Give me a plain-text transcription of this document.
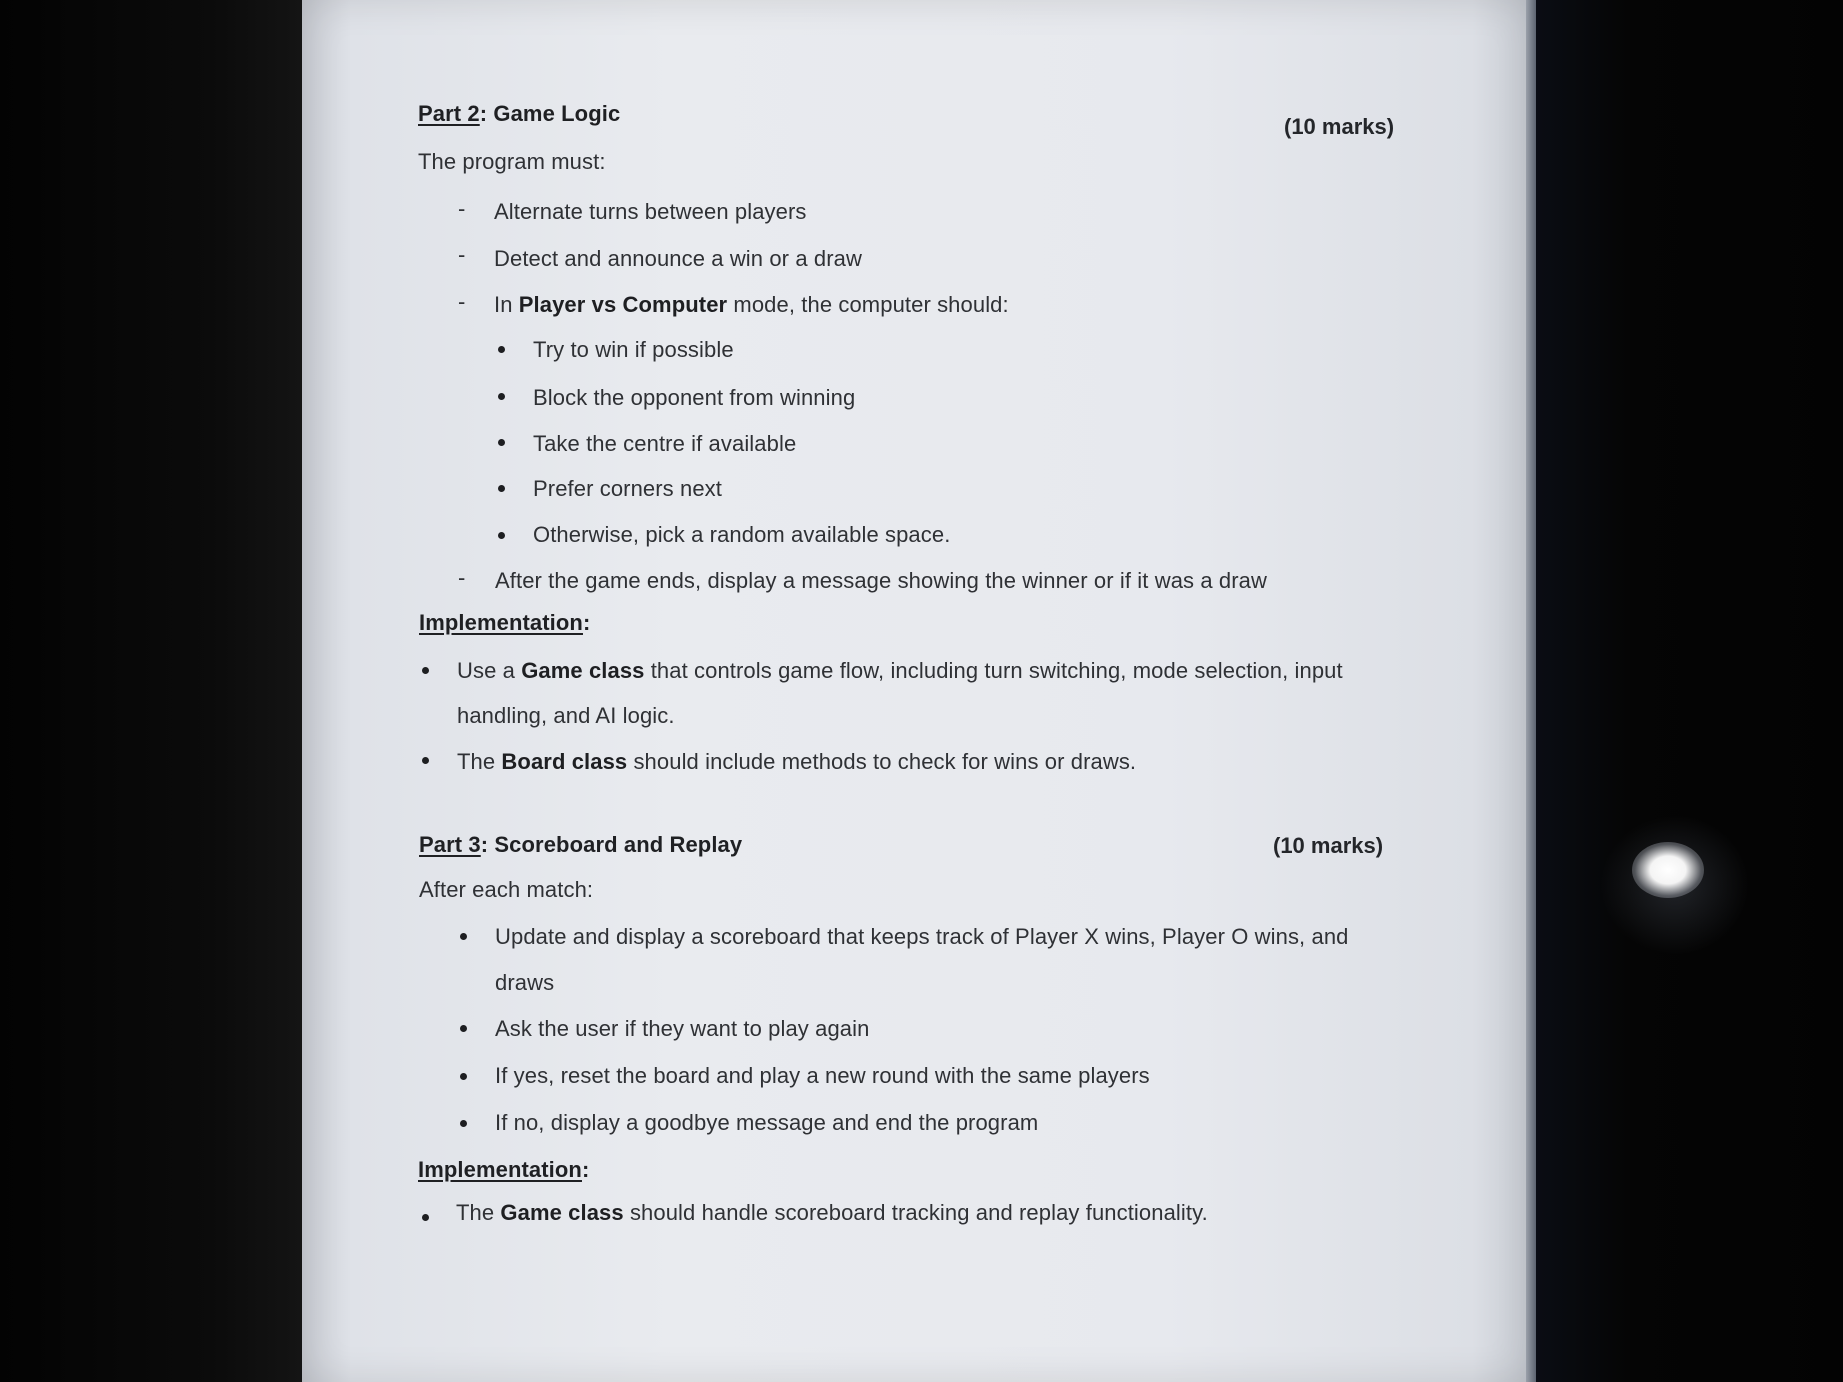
Part 2: Game Logic
(10 marks)
The program must:
- Alternate turns between players
- Detect and announce a win or a draw
- In Player vs Computer mode, the computer should:
Try to win if possible
Block the opponent from winning
Take the centre if available
Prefer corners next
Otherwise, pick a random available space.
- After the game ends, display a message showing the winner or if it was a draw
Implementation:
Use a Game class that controls game flow, including turn switching, mode selection, input
handling, and AI logic.
The Board class should include methods to check for wins or draws.
Part 3: Scoreboard and Replay	(10 marks)
After each match:
Update and display a scoreboard that keeps track of Player X wins, Player O wins, and
draws
Ask the user if they want to play again
If yes, reset the board and play a new round with the same players
If no, display a goodbye message and end the program
Implementation:
The Game class should handle scoreboard tracking and replay functionality.
